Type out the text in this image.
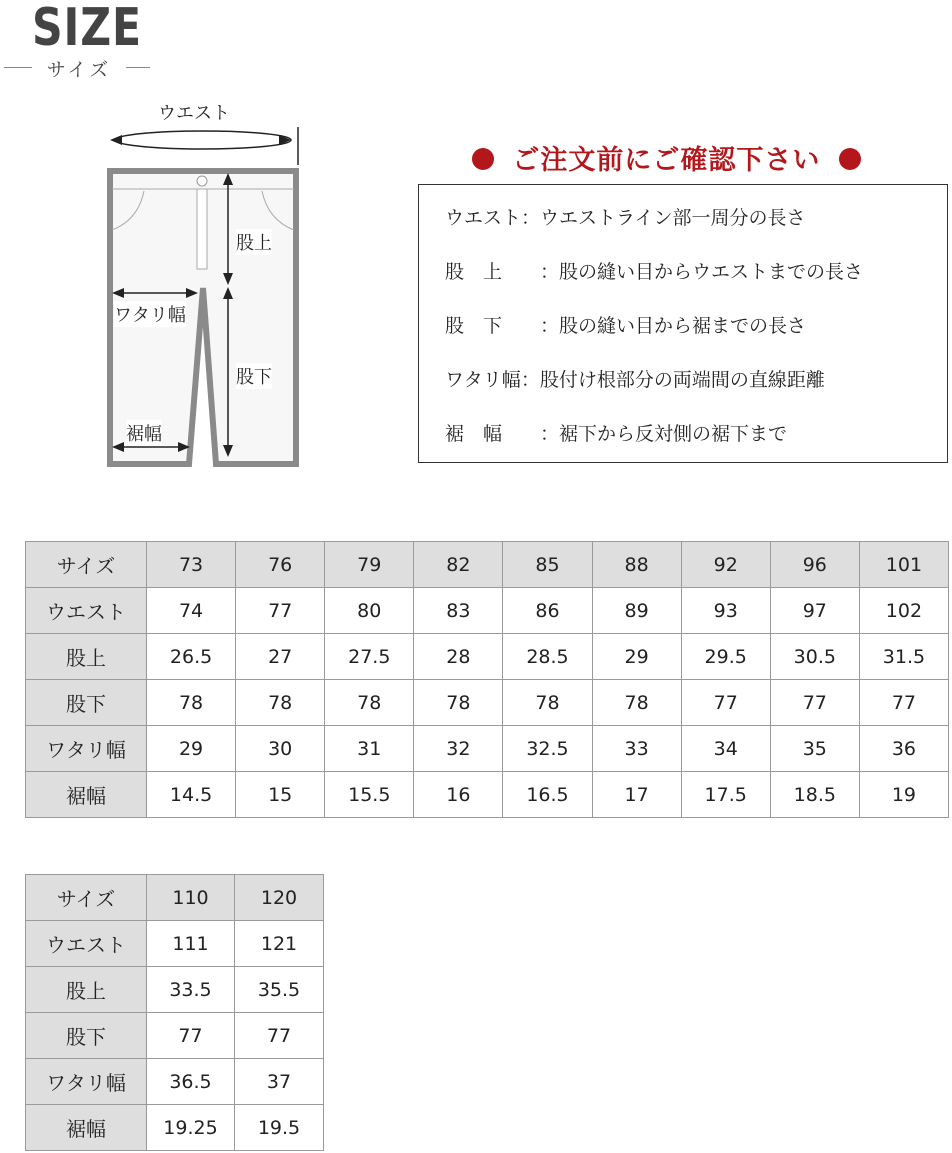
SIZE
サイズ
ウエスト
股上
ワタリ幅
股下
裾幅
ご注文前にご確認下さい
ウエスト：ウエストライン部一周分の長さ
股　上 ：股の縫い目からウエストまでの長さ
股　下 ：股の縫い目から裾までの長さ
ワタリ幅：股付け根部分の両端間の直線距離
裾　幅 ：裾下から反対側の裾下まで
サイズ	73	76	79	82	85	88	92	96	101
ウエスト	74	77	80	83	86	89	93	97	102
股上	26.5	27	27.5	28	28.5	29	29.5	30.5	31.5
股下	78	78	78	78	78	78	77	77	77
ワタリ幅	29	30	31	32	32.5	33	34	35	36
裾幅	14.5	15	15.5	16	16.5	17	17.5	18.5	19
サイズ	110	120
ウエスト	111	121
股上	33.5	35.5
股下	77	77
ワタリ幅	36.5	37
裾幅	19.25	19.5
